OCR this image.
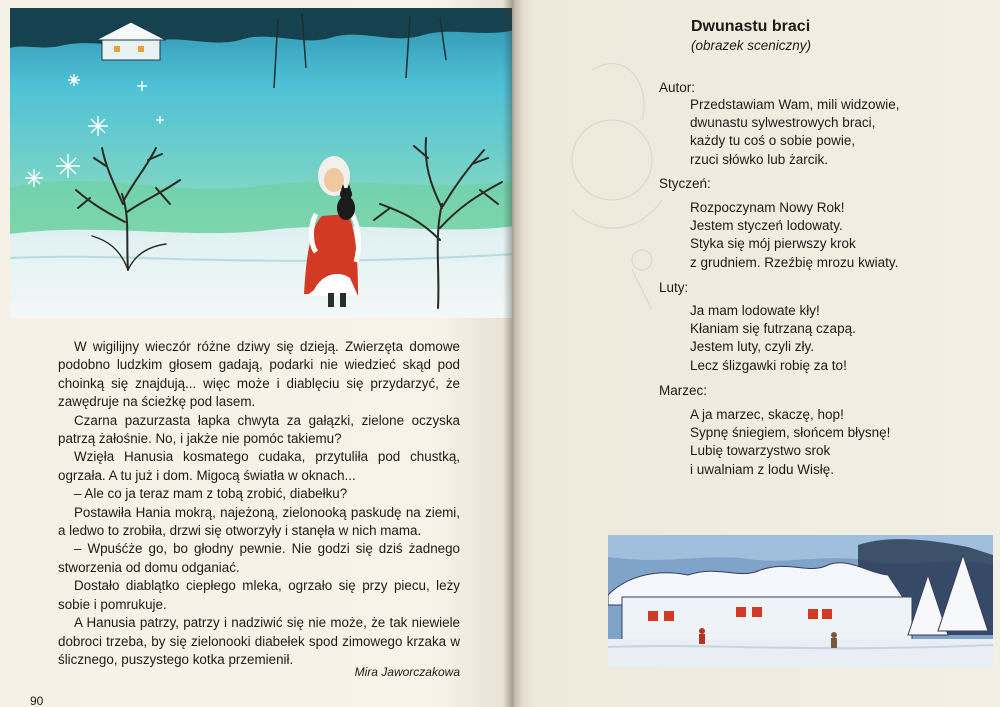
W wigilijny wieczór różne dziwy się dzieją. Zwierzęta domowe podobno ludzkim głosem gadają, podarki nie wiedzieć skąd pod choinką się znajdują... więc może i diablęciu się przydarzyć, że zawędruje na ścieżkę pod lasem.

Czarna pazurzasta łapka chwyta za gałązki, zielone oczyska patrzą żałośnie. No, i jakże nie pomóc takiemu?

Wzięła Hanusia kosmatego cudaka, przytuliła pod chustką, ogrzała. A tu już i dom. Migocą światła w oknach...

– Ale co ja teraz mam z tobą zrobić, diabełku?

Postawiła Hania mokrą, najeżoną, zielonooką paskudę na ziemi, a ledwo to zrobiła, drzwi się otworzyły i stanęła w nich mama.

– Wpuśćże go, bo głodny pewnie. Nie godzi się dziś żadnego stworzenia od domu odganiać.

Dostało diablątko ciepłego mleka, ogrzało się przy piecu, leży sobie i pomrukuje.

A Hanusia patrzy, patrzy i nadziwić się nie może, że tak niewiele dobroci trzeba, by się zielonooki diabełek spod zimowego krzaka w ślicznego, puszystego kotka przemienił.

Mira Jaworczakowa
90
Dwunastu braci
(obrazek sceniczny)
Autor:
Przedstawiam Wam, mili widzowie,
dwunastu sylwestrowych braci,
każdy tu coś o sobie powie,
rzuci słówko lub żarcik.
Styczeń:
Rozpoczynam Nowy Rok!
Jestem styczeń lodowaty.
Styka się mój pierwszy krok
z grudniem. Rzeźbię mrozu kwiaty.
Luty:
Ja mam lodowate kły!
Kłaniam się futrzaną czapą.
Jestem luty, czyli zły.
Lecz ślizgawki robię za to!
Marzec:
A ja marzec, skaczę, hop!
Sypnę śniegiem, słońcem błysnę!
Lubię towarzystwo srok
i uwalniam z lodu Wisłę.
